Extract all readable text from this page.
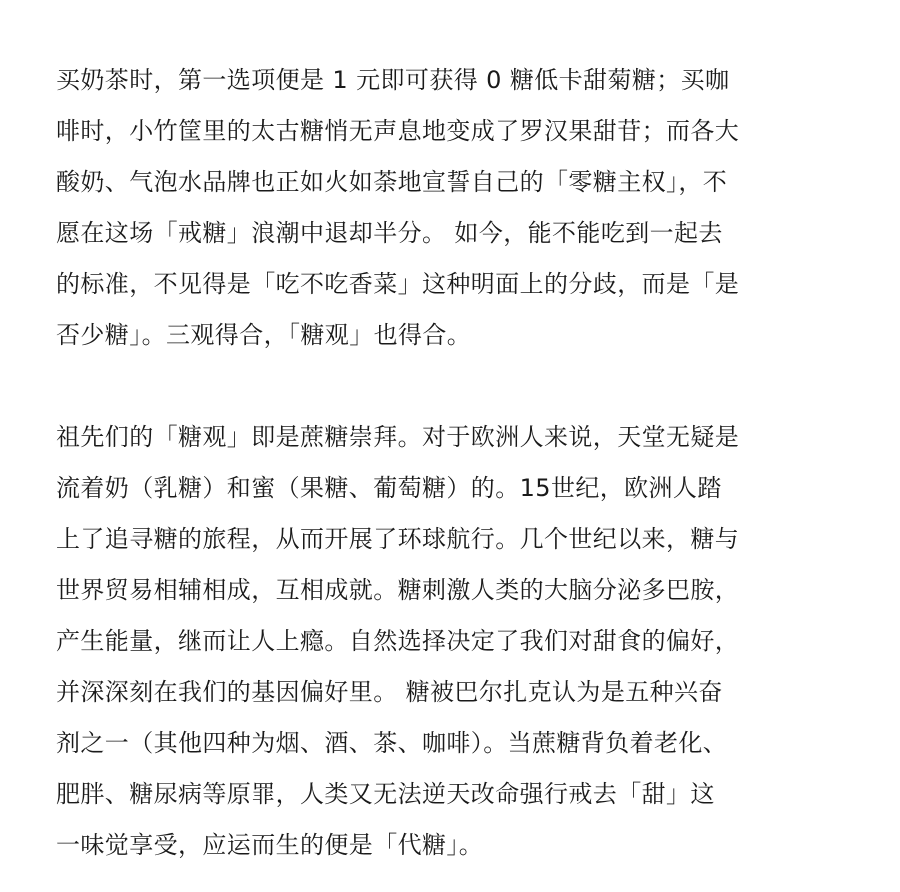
买奶茶时，第一选项便是 1 元即可获得 0 糖低卡甜菊糖；买咖
啡时，小竹筐里的太古糖悄无声息地变成了罗汉果甜苷；而各大
酸奶、气泡水品牌也正如火如荼地宣誓自己的「零糖主权」，不
愿在这场「戒糖」浪潮中退却半分。 如今，能不能吃到一起去
的标准，不见得是「吃不吃香菜」这种明面上的分歧，而是「是
否少糖」。三观得合，「糖观」也得合。
祖先们的「糖观」即是蔗糖崇拜。对于欧洲人来说，天堂无疑是
流着奶（乳糖）和蜜（果糖、葡萄糖）的。15世纪，欧洲人踏
上了追寻糖的旅程，从而开展了环球航行。几个世纪以来，糖与
世界贸易相辅相成，互相成就。糖刺激人类的大脑分泌多巴胺，
产生能量，继而让人上瘾。自然选择决定了我们对甜食的偏好，
并深深刻在我们的基因偏好里。 糖被巴尔扎克认为是五种兴奋
剂之一（其他四种为烟、酒、茶、咖啡）。当蔗糖背负着老化、
肥胖、糖尿病等原罪，人类又无法逆天改命强行戒去「甜」这
一味觉享受，应运而生的便是「代糖」。
